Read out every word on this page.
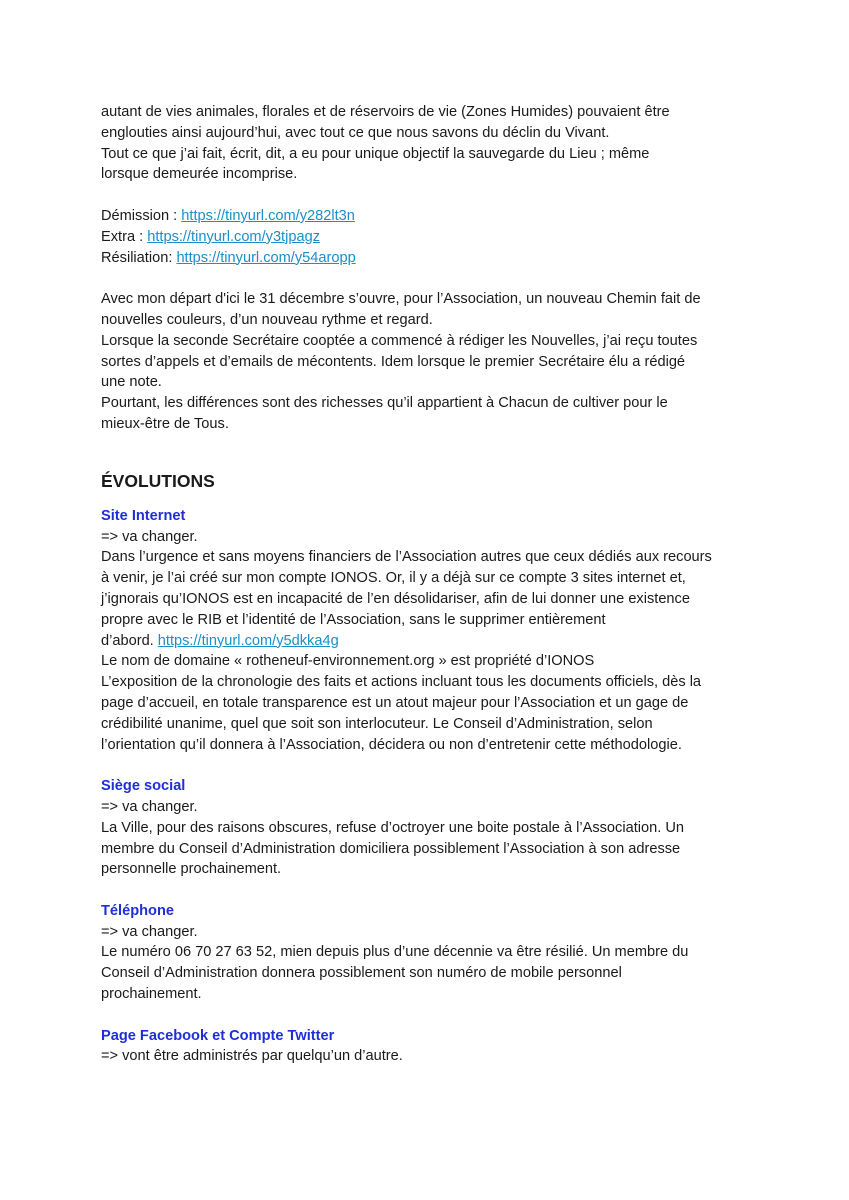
autant de vies animales, florales et de réservoirs de vie (Zones Humides) pouvaient être
englouties ainsi aujourd’hui, avec tout ce que nous savons du déclin du Vivant.
Tout ce que j’ai fait, écrit, dit, a eu pour unique objectif la sauvegarde du Lieu ; même
lorsque demeurée incomprise.
Démission : https://tinyurl.com/y282lt3n
Extra : https://tinyurl.com/y3tjpagz
Résiliation: https://tinyurl.com/y54aropp
Avec mon départ d'ici le 31 décembre s’ouvre, pour l’Association, un nouveau Chemin fait de
nouvelles couleurs, d’un nouveau rythme et regard.
Lorsque la seconde Secrétaire cooptée a commencé à rédiger les Nouvelles, j’ai reçu toutes
sortes d’appels et d’emails de mécontents. Idem lorsque le premier Secrétaire élu a rédigé
une note.
Pourtant, les différences sont des richesses qu’il appartient à Chacun de cultiver pour le
mieux-être de Tous.
ÉVOLUTIONS
Site Internet
=> va changer.
Dans l’urgence et sans moyens financiers de l’Association autres que ceux dédiés aux recours
à venir, je l’ai créé sur mon compte IONOS. Or, il y a déjà sur ce compte 3 sites internet et,
j’ignorais qu’IONOS est en incapacité de l’en désolidariser, afin de lui donner une existence
propre avec le RIB et l’identité de l’Association, sans le supprimer entièrement
d’abord. https://tinyurl.com/y5dkka4g
Le nom de domaine « rotheneuf-environnement.org » est propriété d’IONOS
L’exposition de la chronologie des faits et actions incluant tous les documents officiels, dès la
page d’accueil, en totale transparence est un atout majeur pour l’Association et un gage de
crédibilité unanime, quel que soit son interlocuteur. Le Conseil d’Administration, selon
l’orientation qu’il donnera à l’Association, décidera ou non d’entretenir cette méthodologie.
Siège social
=> va changer.
La Ville, pour des raisons obscures, refuse d’octroyer une boite postale à l’Association. Un
membre du Conseil d’Administration domiciliera possiblement l’Association à son adresse
personnelle prochainement.
Téléphone
=> va changer.
Le numéro 06 70 27 63 52, mien depuis plus d’une décennie va être résilié. Un membre du
Conseil d’Administration donnera possiblement son numéro de mobile personnel
prochainement.
Page Facebook et Compte Twitter
=> vont être administrés par quelqu’un d’autre.
